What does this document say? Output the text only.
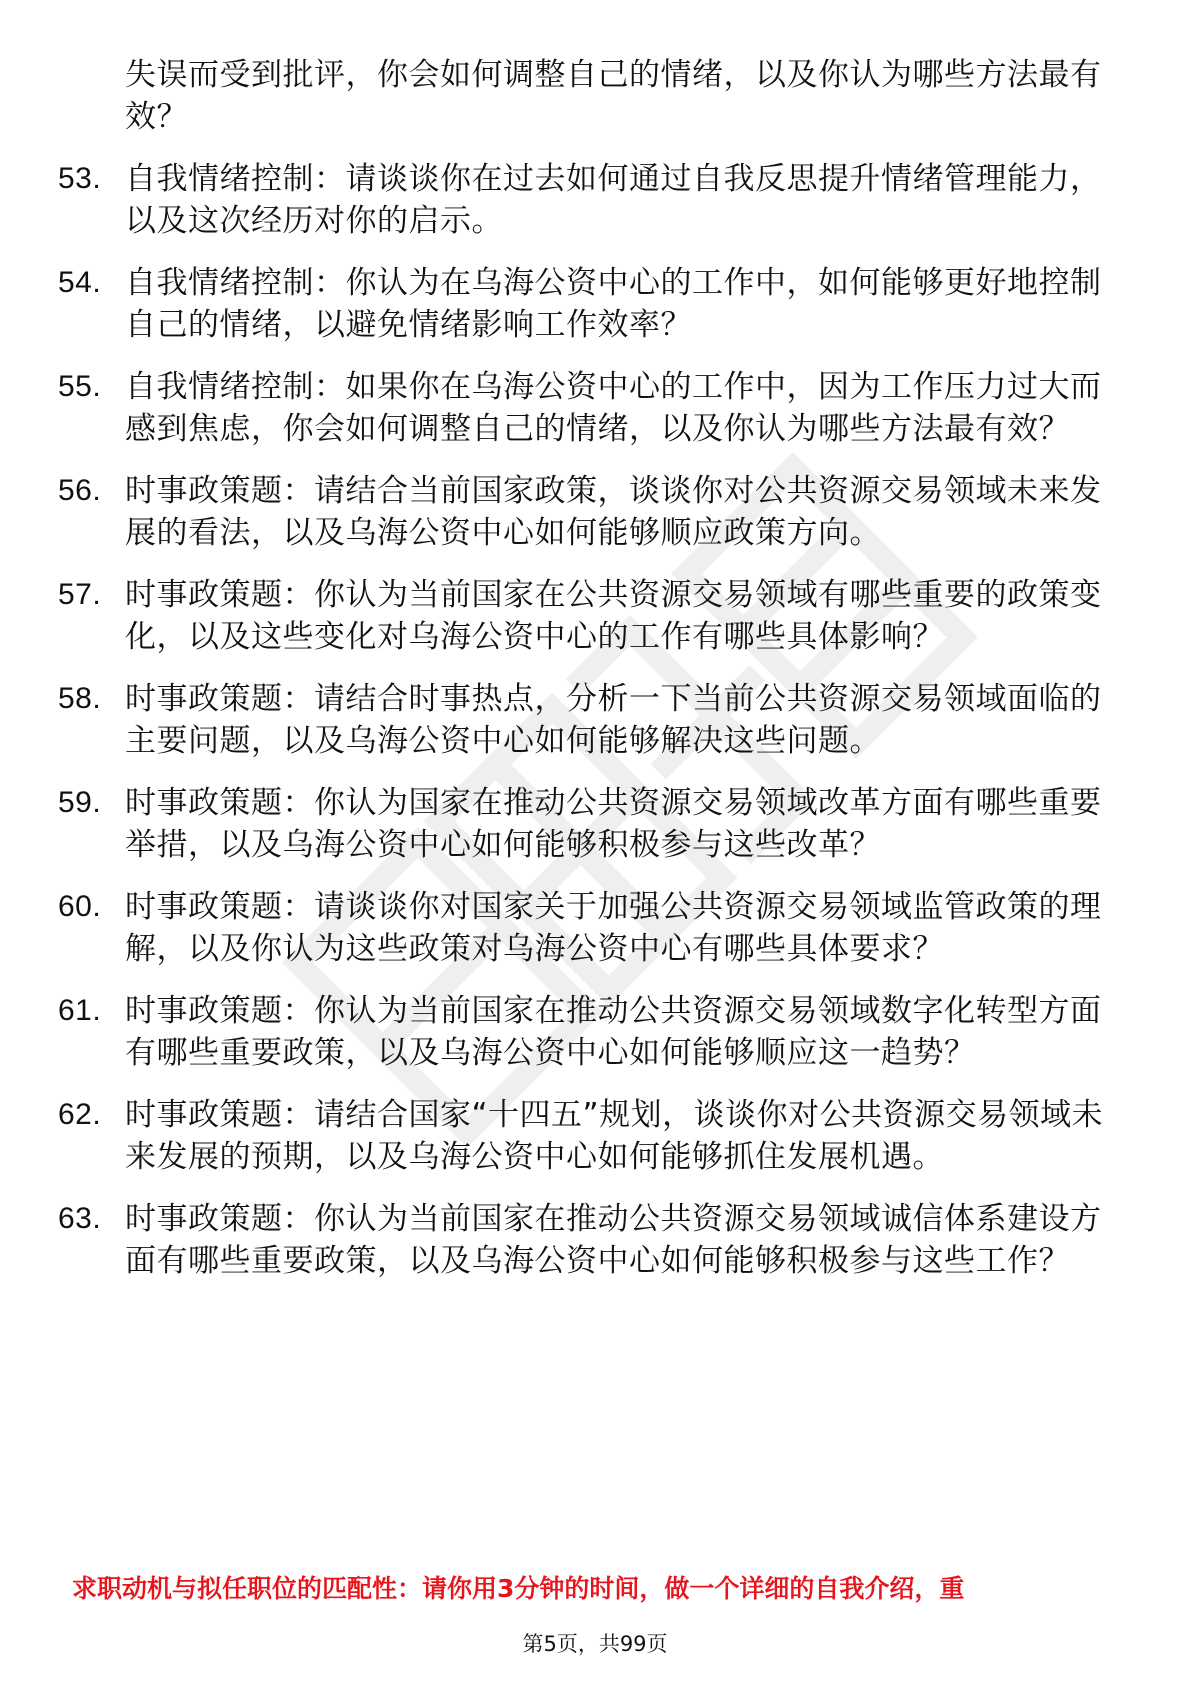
失误而受到批评，你会如何调整自己的情绪，以及你认为哪些方法最有效？
53. 自我情绪控制：请谈谈你在过去如何通过自我反思提升情绪管理能力，以及这次经历对你的启示。
54. 自我情绪控制：你认为在乌海公资中心的工作中，如何能够更好地控制自己的情绪，以避免情绪影响工作效率？
55. 自我情绪控制：如果你在乌海公资中心的工作中，因为工作压力过大而感到焦虑，你会如何调整自己的情绪，以及你认为哪些方法最有效？
56. 时事政策题：请结合当前国家政策，谈谈你对公共资源交易领域未来发展的看法，以及乌海公资中心如何能够顺应政策方向。
57. 时事政策题：你认为当前国家在公共资源交易领域有哪些重要的政策变化，以及这些变化对乌海公资中心的工作有哪些具体影响？
58. 时事政策题：请结合时事热点，分析一下当前公共资源交易领域面临的主要问题，以及乌海公资中心如何能够解决这些问题。
59. 时事政策题：你认为国家在推动公共资源交易领域改革方面有哪些重要举措，以及乌海公资中心如何能够积极参与这些改革？
60. 时事政策题：请谈谈你对国家关于加强公共资源交易领域监管政策的理解，以及你认为这些政策对乌海公资中心有哪些具体要求？
61. 时事政策题：你认为当前国家在推动公共资源交易领域数字化转型方面有哪些重要政策，以及乌海公资中心如何能够顺应这一趋势？
62. 时事政策题：请结合国家“十四五”规划，谈谈你对公共资源交易领域未来发展的预期，以及乌海公资中心如何能够抓住发展机遇。
63. 时事政策题：你认为当前国家在推动公共资源交易领域诚信体系建设方面有哪些重要政策，以及乌海公资中心如何能够积极参与这些工作？
求职动机与拟任职位的匹配性：请你用3分钟的时间，做一个详细的自我介绍，重
第5页，共99页
